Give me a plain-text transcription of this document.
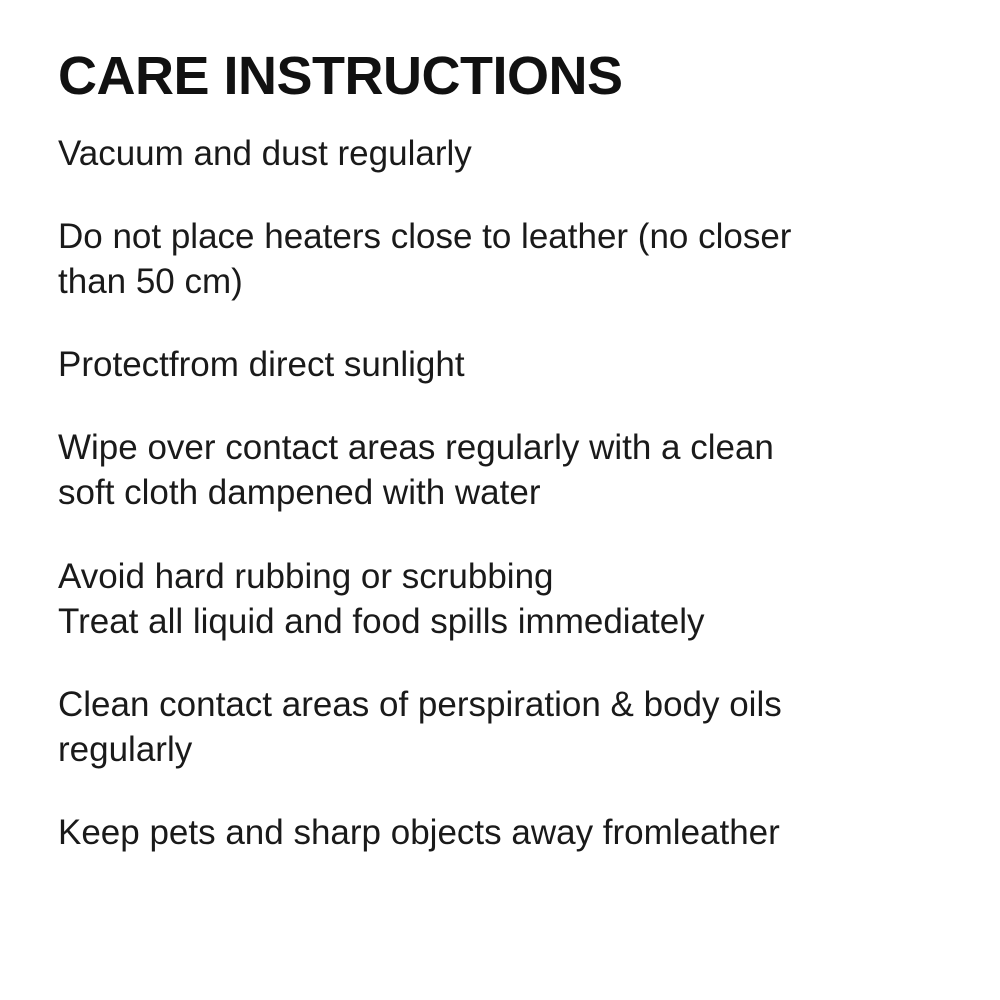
CARE INSTRUCTIONS
Vacuum and dust regularly
Do not place heaters close to leather (no closer
than 50 cm)
Protectfrom direct sunlight
Wipe over contact areas regularly with a clean
soft cloth dampened with water
Avoid hard rubbing or scrubbing
Treat all liquid and food spills immediately
Clean contact areas of perspiration & body oils
regularly
Keep pets and sharp objects away fromleather
